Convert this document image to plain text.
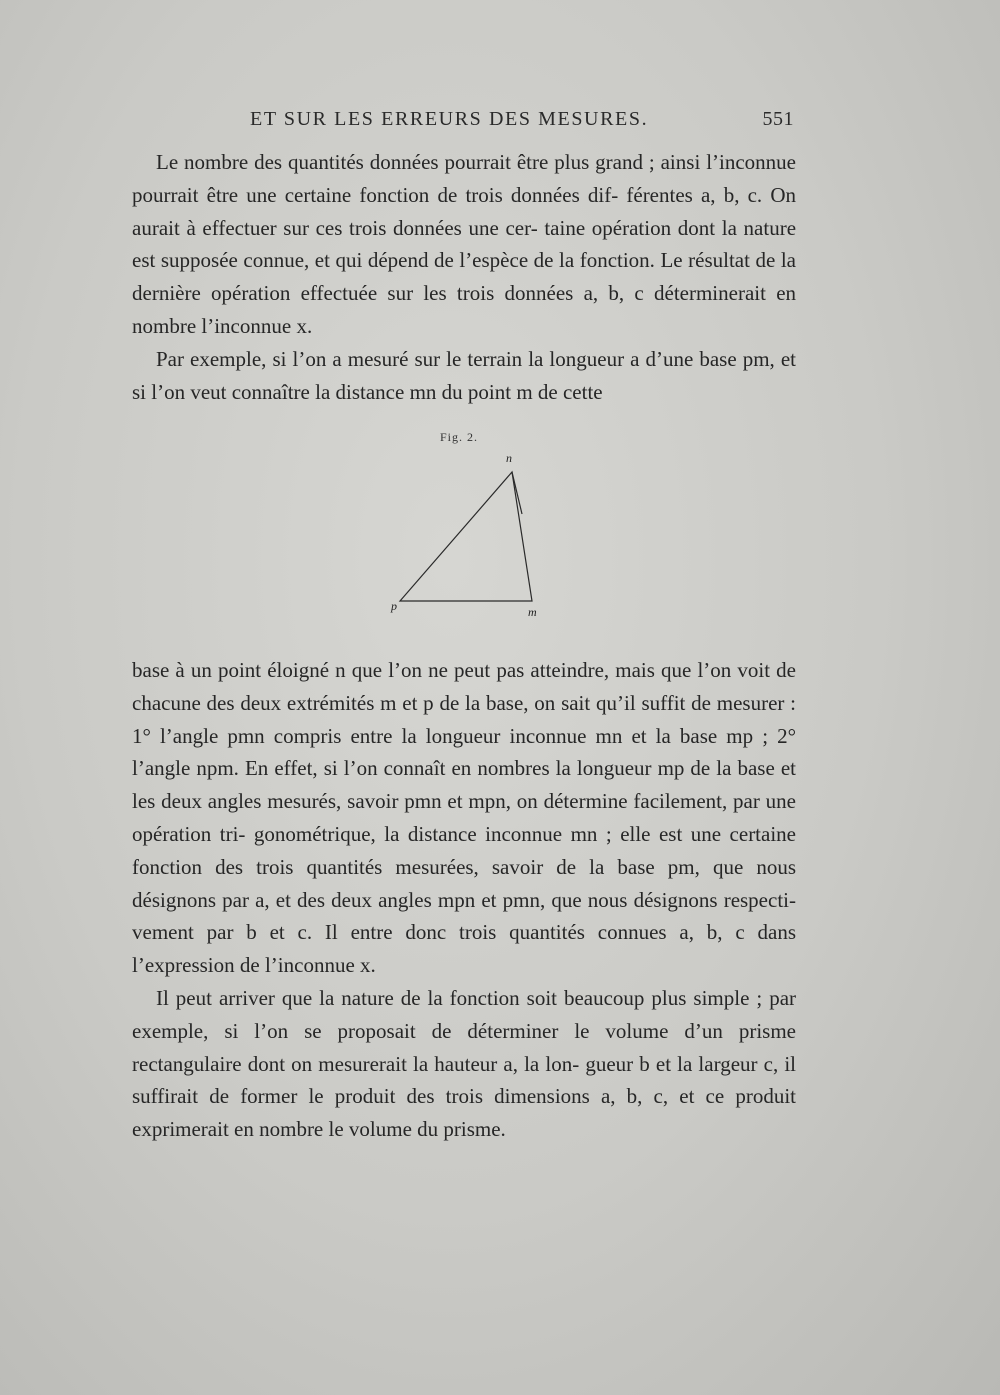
ET SUR LES ERREURS DES MESURES.	551

Le nombre des quantités données pourrait être plus grand ; ainsi l’inconnue pourrait être une certaine fonction de trois données dif- férentes a, b, c. On aurait à effectuer sur ces trois données une cer- taine opération dont la nature est supposée connue, et qui dépend de l’espèce de la fonction. Le résultat de la dernière opération effectuée sur les trois données a, b, c déterminerait en nombre l’inconnue x.

Par exemple, si l’on a mesuré sur le terrain la longueur a d’une base pm, et si l’on veut connaître la distance mn du point m de cette

Fig. 2.
n
p	m

base à un point éloigné n que l’on ne peut pas atteindre, mais que l’on voit de chacune des deux extrémités m et p de la base, on sait qu’il suffit de mesurer : 1° l’angle pmn compris entre la longueur inconnue mn et la base mp ; 2° l’angle npm. En effet, si l’on connaît en nombres la longueur mp de la base et les deux angles mesurés, savoir pmn et mpn, on détermine facilement, par une opération tri- gonométrique, la distance inconnue mn ; elle est une certaine fonction des trois quantités mesurées, savoir de la base pm, que nous désignons par a, et des deux angles mpn et pmn, que nous désignons respecti- vement par b et c. Il entre donc trois quantités connues a, b, c dans l’expression de l’inconnue x.

Il peut arriver que la nature de la fonction soit beaucoup plus simple ; par exemple, si l’on se proposait de déterminer le volume d’un prisme rectangulaire dont on mesurerait la hauteur a, la lon- gueur b et la largeur c, il suffirait de former le produit des trois dimensions a, b, c, et ce produit exprimerait en nombre le volume du prisme.
